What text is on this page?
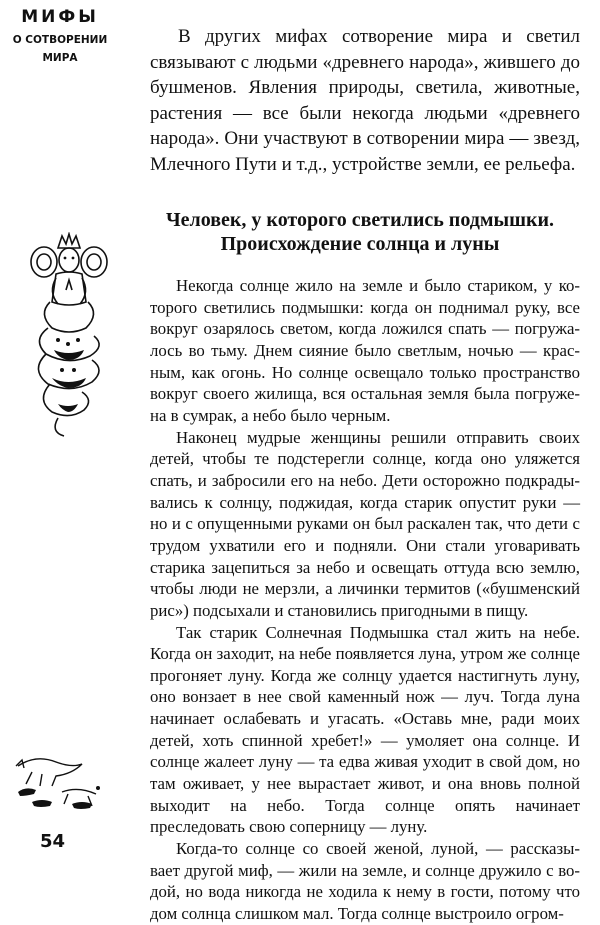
МИФЫ
О СОТВОРЕНИИ
МИРА
54

В других мифах сотворение мира и светил связывают с людьми «древнего народа», жившего до бушменов. Явления природы, светила, животные, растения — все были некогда людьми «древнего народа». Они участвуют в сотворении мира — звезд, Млечного Пути и т.д., устройстве земли, ее рельефа.

Человек, у которого светились подмышки.
Происхождение солнца и луны

Некогда солнце жило на земле и было стариком, у которого светились подмышки: когда он поднимал руку, все вокруг озарялось светом, когда ложился спать — погружалось во тьму. Днем сияние было светлым, ночью — красным, как огонь. Но солнце освещало только пространство вокруг своего жилища, вся остальная земля была погружена в сумрак, а небо было черным.

Наконец мудрые женщины решили отправить своих детей, чтобы те подстерегли солнце, когда оно уляжется спать, и забросили его на небо. Дети осторожно подкрадывались к солнцу, поджидая, когда старик опустит руки — но и с опущенными руками он был раскален так, что дети с трудом ухватили его и подняли. Они стали уговаривать старика зацепиться за небо и освещать оттуда всю землю, чтобы люди не мерзли, а личинки термитов («бушменский рис») подсыхали и становились пригодными в пищу.

Так старик Солнечная Подмышка стал жить на небе. Когда он заходит, на небе появляется луна, утром же солнце прогоняет луну. Когда же солнцу удается настигнуть луну, оно вонзает в нее свой каменный нож — луч. Тогда луна начинает ослабевать и угасать. «Оставь мне, ради моих детей, хоть спинной хребет!» — умоляет она солнце. И солнце жалеет луну — та едва живая уходит в свой дом, но там оживает, у нее вырастает живот, и она вновь полной выходит на небо. Тогда солнце опять начинает преследовать свою соперницу — луну.

Когда-то солнце со своей женой, луной, — рассказывает другой миф, — жили на земле, и солнце дружило с водой, но вода никогда не ходила к нему в гости, потому что дом солнца слишком мал. Тогда солнце выстроило огром-
